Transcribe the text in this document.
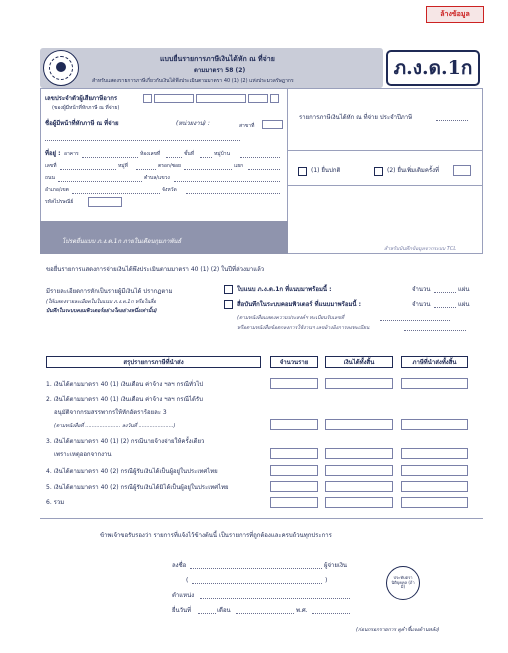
ล้างข้อมูล
แบบยื่นรายการภาษีเงินได้หัก ณ ที่จ่าย
ตามมาตรา 58 (2)
สำหรับแสดงรายการภาษีเกี่ยวกับเงินได้พึงประเมินตามมาตรา 40 (1) (2) แห่งประมวลรัษฎากร
ภ.ง.ด.1ก
เลขประจำตัวผู้เสียภาษีอากร
(ของผู้มีหน้าที่หักภาษี ณ ที่จ่าย)
ชื่อผู้มีหน้าที่หักภาษี ณ ที่จ่าย	(หน่วยงาน) :	สาขาที่
ที่อยู่ : อาคาร	ห้องเลขที่	ชั้นที่	หมู่บ้าน
เลขที่	หมู่ที่	ตรอก/ซอย	แยก
ถนน	ตำบล/แขวง
อำเภอ/เขต	จังหวัด
รหัสไปรษณีย์
รายการภาษีเงินได้หัก ณ ที่จ่าย ประจำปีภาษี
(1) ยื่นปกติ	(2) ยื่นเพิ่มเติมครั้งที่
โปรดยื่นแบบ ภ.ง.ด.1ก ภายในเดือนกุมภาพันธ์
สำหรับบันทึกข้อมูลจากระบบ TCL
ขอยื่นรายการแสดงการจ่ายเงินได้พึงประเมินตามมาตรา 40 (1) (2) ในปีที่ล่วงมาแล้ว
มีรายละเอียดการหักเป็นรายผู้มีเงินได้ ปรากฏตาม
(ให้แสดงรายละเอียดในใบแนบ ภ.ง.ด.1ก หรือในสื่อ
บันทึกในระบบคอมพิวเตอร์อย่างใดอย่างหนึ่งเท่านั้น)
ใบแนบ ภ.ง.ด.1ก ที่แนบมาพร้อมนี้ :	จำนวน	แผ่น
สื่อบันทึกในระบบคอมพิวเตอร์ ที่แนบมาพร้อมนี้ :	จำนวน	แผ่น
(ตามหนังสือแสดงความประสงค์ฯ ทะเบียนรับเลขที่
หรือตามหนังสือข้อตกลงการใช้งานฯ เลขอ้างอิงการลงทะเบียน
สรุปรายการภาษีที่นำส่ง	จำนวนราย	เงินได้ทั้งสิ้น	ภาษีที่นำส่งทั้งสิ้น
1. เงินได้ตามมาตรา 40 (1) เงินเดือน ค่าจ้าง ฯลฯ กรณีทั่วไป
2. เงินได้ตามมาตรา 40 (1) เงินเดือน ค่าจ้าง ฯลฯ กรณีได้รับ
อนุมัติจากกรมสรรพากรให้หักอัตราร้อยละ 3
(ตามหนังสือที่ ...................... ลงวันที่ ......................)
3. เงินได้ตามมาตรา 40 (1) (2) กรณีนายจ้างจ่ายให้ครั้งเดียว
เพราะเหตุออกจากงาน
4. เงินได้ตามมาตรา 40 (2) กรณีผู้รับเงินได้เป็นผู้อยู่ในประเทศไทย
5. เงินได้ตามมาตรา 40 (2) กรณีผู้รับเงินได้มิได้เป็นผู้อยู่ในประเทศไทย
6. รวม
ข้าพเจ้าขอรับรองว่า รายการที่แจ้งไว้ข้างต้นนี้ เป็นรายการที่ถูกต้องและครบถ้วนทุกประการ
ลงชื่อ	ผู้จ่ายเงิน
(	)
ตำแหน่ง
ยื่นวันที่	เดือน	พ.ศ.
ประทับตรา นิติบุคคล (ถ้ามี)
(ก่อนกรอกรายการ ดูคำชี้แจงด้านหลัง)
